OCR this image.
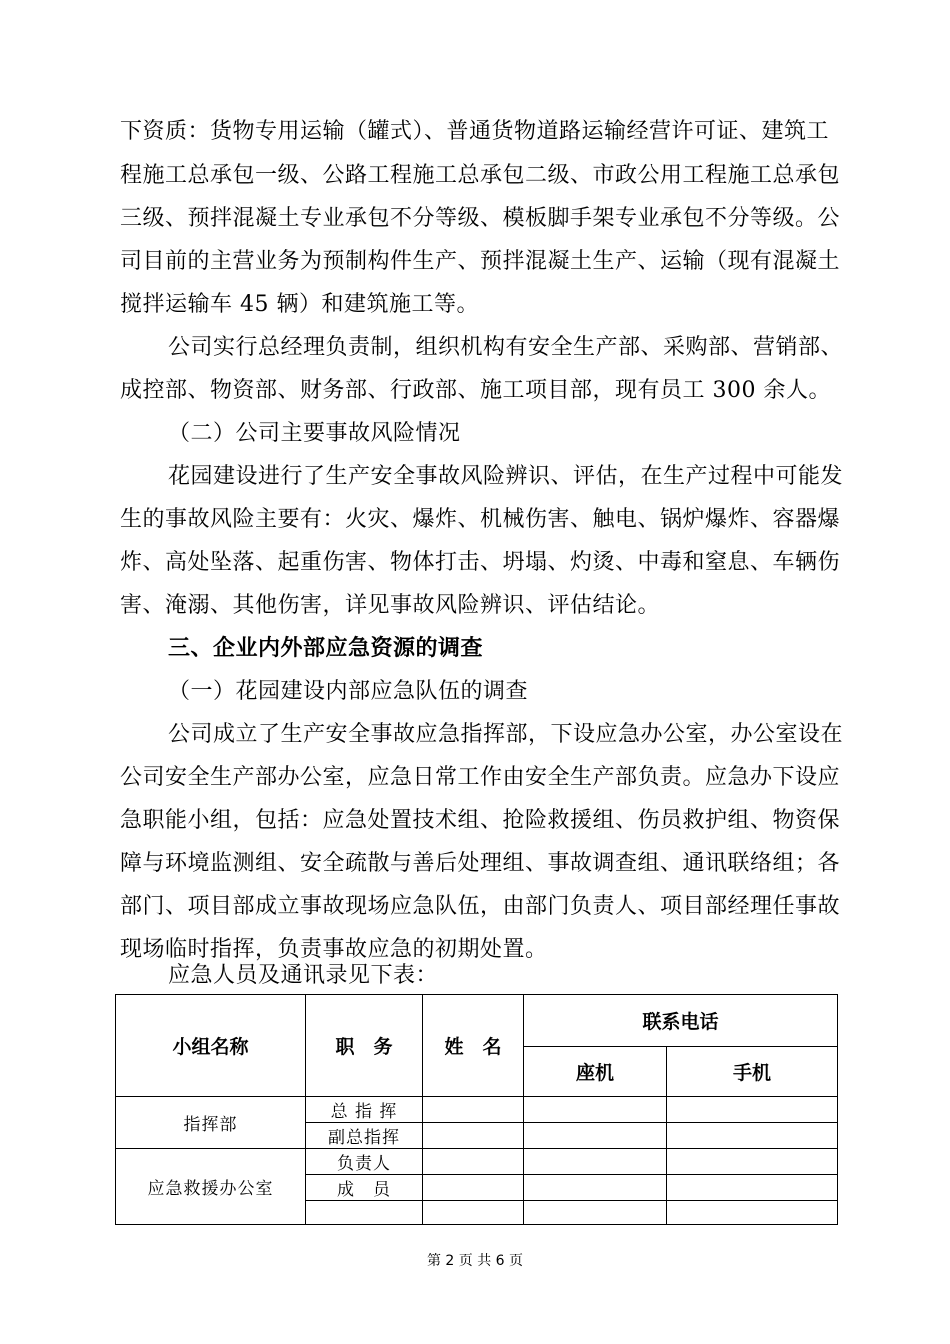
下资质：货物专用运输（罐式）、普通货物道路运输经营许可证、建筑工
程施工总承包一级、公路工程施工总承包二级、市政公用工程施工总承包
三级、预拌混凝土专业承包不分等级、模板脚手架专业承包不分等级。公
司目前的主营业务为预制构件生产、预拌混凝土生产、运输（现有混凝土
搅拌运输车 45 辆）和建筑施工等。
公司实行总经理负责制，组织机构有安全生产部、采购部、营销部、
成控部、物资部、财务部、行政部、施工项目部，现有员工 300 余人。
（二）公司主要事故风险情况
花园建设进行了生产安全事故风险辨识、评估，在生产过程中可能发
生的事故风险主要有：火灾、爆炸、机械伤害、触电、锅炉爆炸、容器爆
炸、高处坠落、起重伤害、物体打击、坍塌、灼烫、中毒和窒息、车辆伤
害、淹溺、其他伤害，详见事故风险辨识、评估结论。
三、企业内外部应急资源的调查
（一）花园建设内部应急队伍的调查
公司成立了生产安全事故应急指挥部，下设应急办公室，办公室设在
公司安全生产部办公室，应急日常工作由安全生产部负责。应急办下设应
急职能小组，包括：应急处置技术组、抢险救援组、伤员救护组、物资保
障与环境监测组、安全疏散与善后处理组、事故调查组、通讯联络组；各
部门、项目部成立事故现场应急队伍，由部门负责人、项目部经理任事故
现场临时指挥，负责事故应急的初期处置。
应急人员及通讯录见下表：
小组名称	职　务	姓　名	联系电话	
			座机	手机
指挥部	总 指 挥			
	副总指挥			
应急救援办公室	负责人			
	成　员			

第 2 页 共 6 页
